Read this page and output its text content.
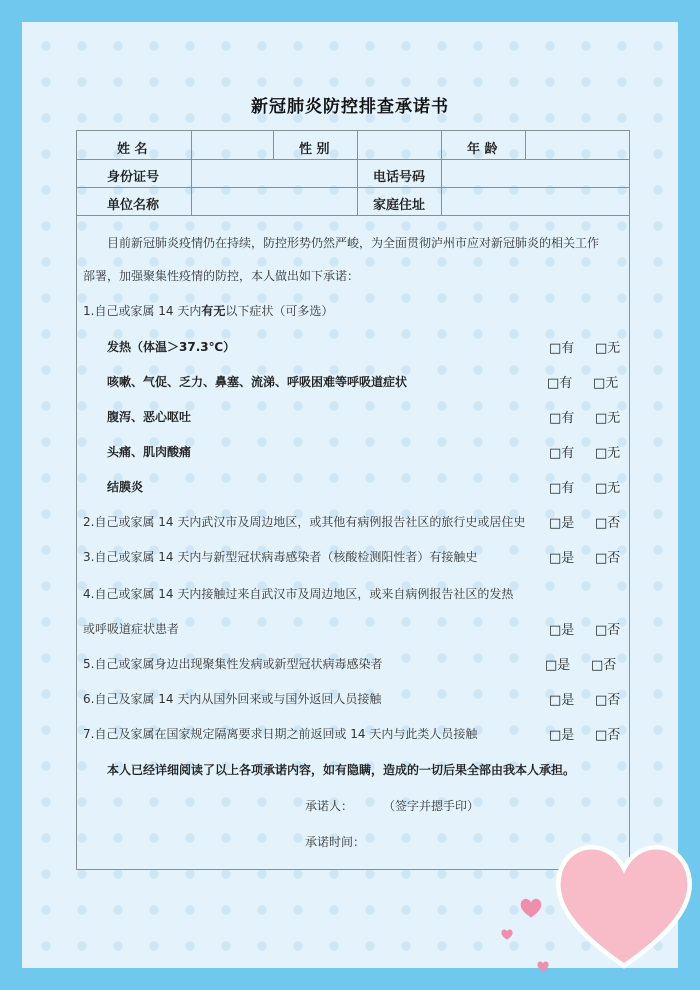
新冠肺炎防控排查承诺书
姓 名	性 别	年 龄
身份证号	电话号码
单位名称	家庭住址
目前新冠肺炎疫情仍在持续，防控形势仍然严峻，为全面贯彻泸州市应对新冠肺炎的相关工作
部署，加强聚集性疫情的防控，本人做出如下承诺：
1.自己或家属 14 天内有无以下症状（可多选）
发热（体温＞37.3℃）	□有 □无
咳嗽、气促、乏力、鼻塞、流涕、呼吸困难等呼吸道症状	□有 □无
腹泻、恶心呕吐	□有 □无
头痛、肌肉酸痛	□有 □无
结膜炎	□有 □无
2.自己或家属 14 天内武汉市及周边地区，或其他有病例报告社区的旅行史或居住史 □是 □否
3.自己或家属 14 天内与新型冠状病毒感染者（核酸检测阳性者）有接触史	□是 □否
4.自己或家属 14 天内接触过来自武汉市及周边地区，或来自病例报告社区的发热
或呼吸道症状患者	□是 □否
5.自己或家属身边出现聚集性发病或新型冠状病毒感染者	□是 □否
6.自己及家属 14 天内从国外回来或与国外返回人员接触	□是 □否
7.自己及家属在国家规定隔离要求日期之前返回或 14 天内与此类人员接触	□是 □否
本人已经详细阅读了以上各项承诺内容，如有隐瞒，造成的一切后果全部由我本人承担。
承诺人： （签字并摁手印）
承诺时间：
